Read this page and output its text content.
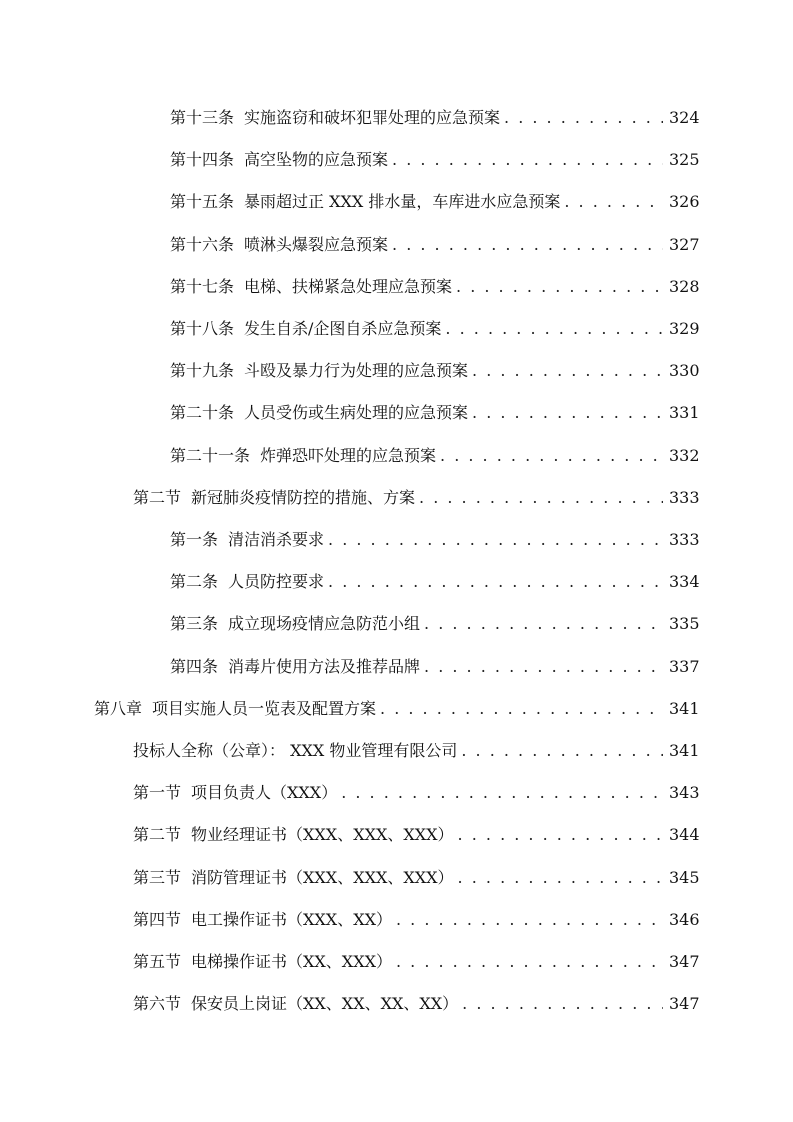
第十三条 实施盗窃和破坏犯罪处理的应急预案 . . .	324
第十四条 高空坠物的应急预案 . . .	325
第十五条 暴雨超过正 XXX 排水量，车库进水应急预案 . . .	326
第十六条 喷淋头爆裂应急预案 . . .	327
第十七条 电梯、扶梯紧急处理应急预案 . . .	328
第十八条 发生自杀/企图自杀应急预案 . . .	329
第十九条 斗殴及暴力行为处理的应急预案 . . .	330
第二十条 人员受伤或生病处理的应急预案 . . .	331
第二十一条 炸弹恐吓处理的应急预案 . . .	332
第二节 新冠肺炎疫情防控的措施、方案 . . .	333
第一条 清洁消杀要求 . . .	333
第二条 人员防控要求 . . .	334
第三条 成立现场疫情应急防范小组 . . .	335
第四条 消毒片使用方法及推荐品牌 . . .	337
第八章 项目实施人员一览表及配置方案 . . .	341
投标人全称（公章）： XXX 物业管理有限公司 . . .	341
第一节 项目负责人（XXX） . . .	343
第二节 物业经理证书（XXX、XXX、XXX） . . .	344
第三节 消防管理证书（XXX、XXX、XXX） . . .	345
第四节 电工操作证书（XXX、XX） . . .	346
第五节 电梯操作证书（XX、XXX） . . .	347
第六节 保安员上岗证（XX、XX、XX、XX） . . .	347
